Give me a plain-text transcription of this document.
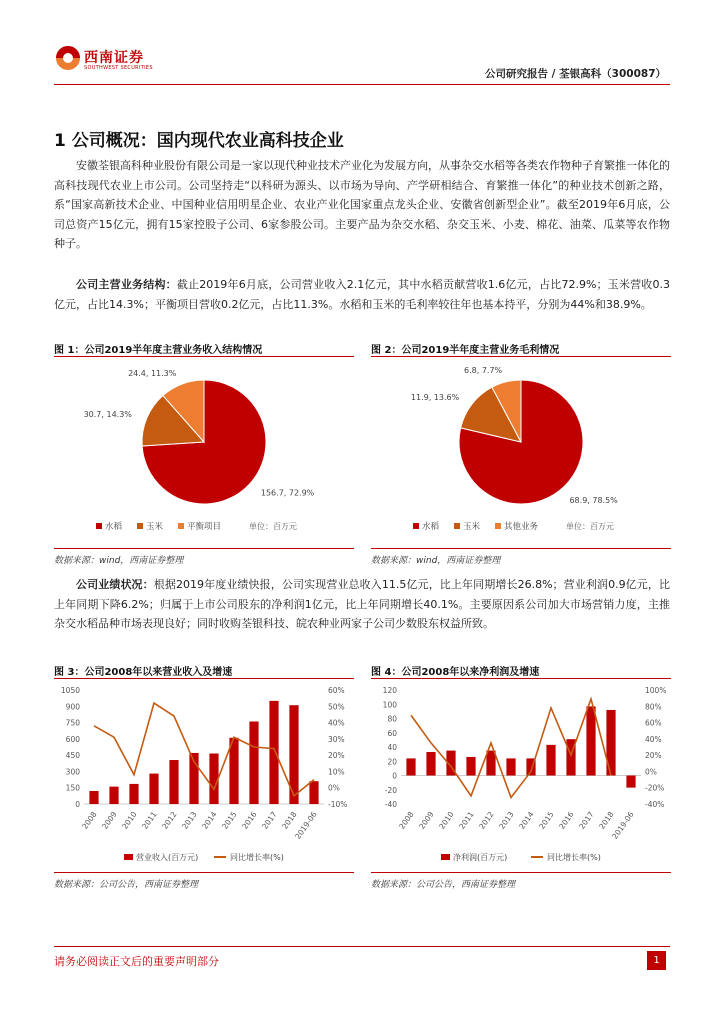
西南证券
SOUTHWEST SECURITIES	公司研究报告 / 荃银高科（300087）
1 公司概况：国内现代农业高科技企业
安徽荃银高科种业股份有限公司是一家以现代种业技术产业化为发展方向，从事杂交水稻等各类农作物种子育繁推一体化的高科技现代农业上市公司。公司坚持走“以科研为源头、以市场为导向、产学研相结合、育繁推一体化”的种业技术创新之路，系“国家高新技术企业、中国种业信用明星企业、农业产业化国家重点龙头企业、安徽省创新型企业”。截至2019年6月底，公司总资产15亿元，拥有15家控股子公司、6家参股公司。主要产品为杂交水稻、杂交玉米、小麦、棉花、油菜、瓜菜等农作物种子。
公司主营业务结构：截止2019年6月底，公司营业收入2.1亿元，其中水稻贡献营收1.6亿元，占比72.9%；玉米营收0.3亿元，占比14.3%；平衡项目营收0.2亿元，占比11.3%。水稻和玉米的毛利率较往年也基本持平，分别为44%和38.9%。
图 1：公司2019半年度主营业务收入结构情况	图 2：公司2019半年度主营业务毛利情况
156.7, 72.9%
30.7, 14.3%
24.4, 11.3%
水稻	玉米	平衡项目	单位：百万元
68.9, 78.5%
11.9, 13.6%
6.8, 7.7%
水稻	玉米	其他业务	单位：百万元
数据来源：wind，西南证券整理	数据来源：wind，西南证券整理
公司业绩状况：根据2019年度业绩快报，公司实现营业总收入11.5亿元，比上年同期增长26.8%；营业利润0.9亿元，比上年同期下降6.2%；归属于上市公司股东的净利润1亿元，比上年同期增长40.1%。主要原因系公司加大市场营销力度，主推杂交水稻品种市场表现良好；同时收购荃银科技、皖农种业两家子公司少数股东权益所致。
图 3：公司2008年以来营业收入及增速	图 4：公司2008年以来净利润及增速
0
150
300
450
600
750
900
1050
-10%
0%
10%
20%
30%
40%
50%
60%
2008 2009 2010 2011 2012 2013 2014 2015 2016 2017 2018
2019-06
营业收入(百万元)	同比增长率(%)
-40
-20
0
20
40
60
80
100
120
-40%
-20%
0%
20%
40%
60%
80%
100%
2008 2009 2010 2011 2012 2013 2014 2015 2016 2017 2018
2019-06
净利润(百万元)	同比增长率(%)
数据来源：公司公告，西南证券整理	数据来源：公司公告，西南证券整理
请务必阅读正文后的重要声明部分	1
